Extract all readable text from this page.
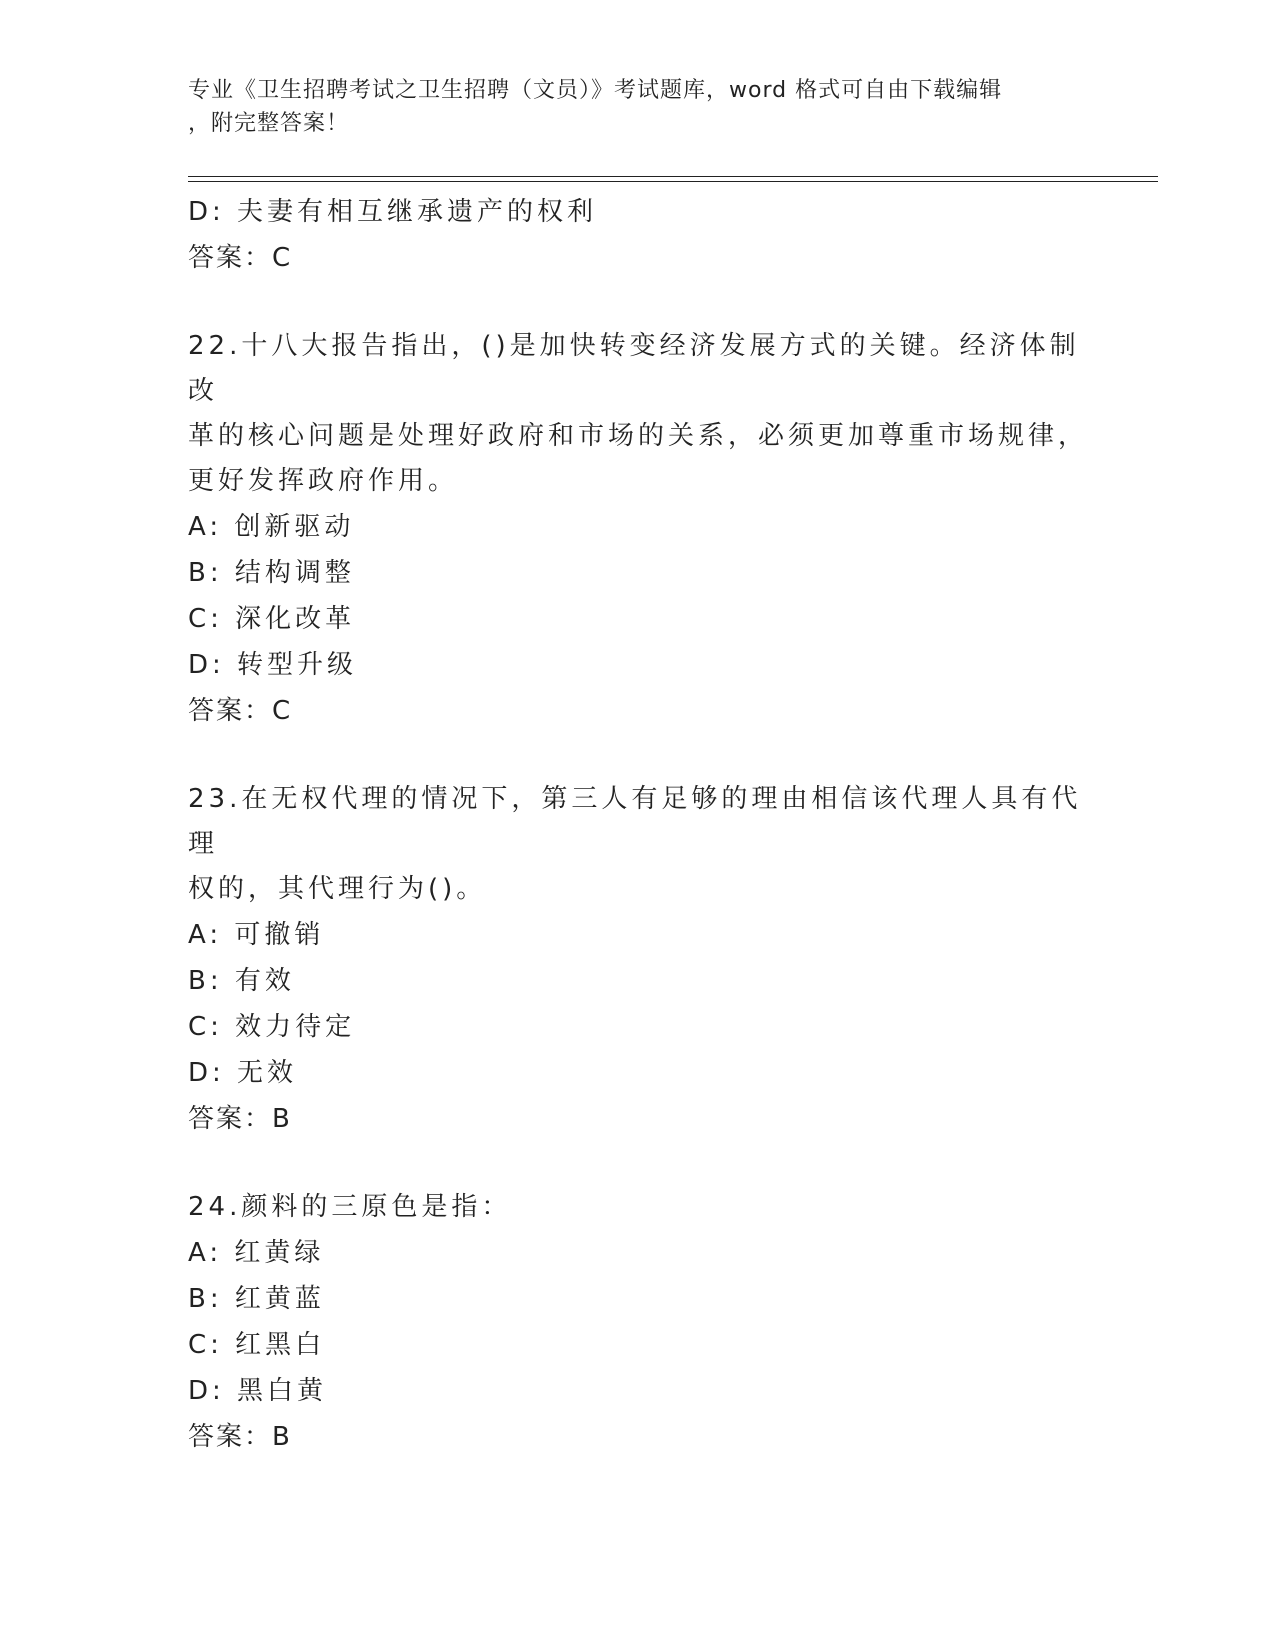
专业《卫生招聘考试之卫生招聘（文员）》考试题库，word 格式可自由下载编辑
，附完整答案！
D: 夫妻有相互继承遗产的权利
答案：C
22.十八大报告指出，()是加快转变经济发展方式的关键。经济体制改
革的核心问题是处理好政府和市场的关系，必须更加尊重市场规律，
更好发挥政府作用。
A: 创新驱动
B: 结构调整
C: 深化改革
D: 转型升级
答案：C
23.在无权代理的情况下，第三人有足够的理由相信该代理人具有代理
权的，其代理行为()。
A: 可撤销
B: 有效
C: 效力待定
D: 无效
答案：B
24.颜料的三原色是指：
A: 红黄绿
B: 红黄蓝
C: 红黑白
D: 黑白黄
答案：B
